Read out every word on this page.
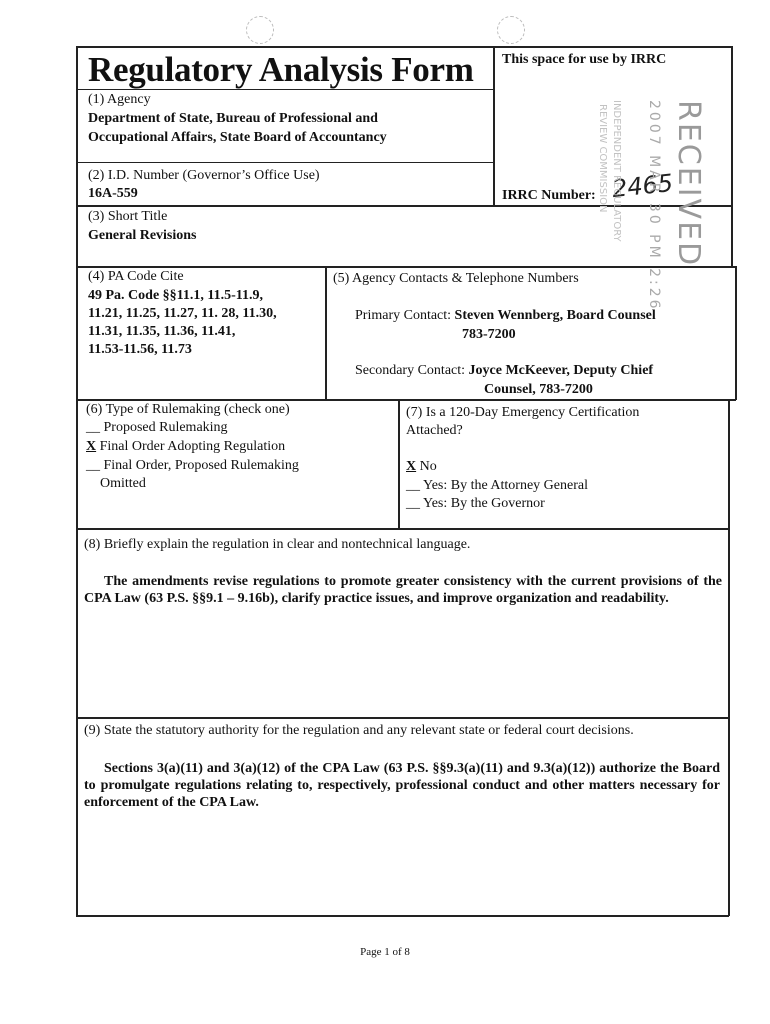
Regulatory Analysis Form This space for use by IRRC
(1) Agency
Department of State, Bureau of Professional and
Occupational Affairs, State Board of Accountancy
(2) I.D. Number (Governor’s Office Use)
16A-559	IRRC Number: 2465
RECEIVED
2007 MAR 30 PM 2:26
INDEPENDENT REGULATORY
REVIEW COMMISSION
(3) Short Title
General Revisions
(4) PA Code Cite
49 Pa. Code §§11.1, 11.5-11.9,
11.21, 11.25, 11.27, 11. 28, 11.30,
11.31, 11.35, 11.36, 11.41,
11.53-11.56, 11.73
(5) Agency Contacts & Telephone Numbers
Primary Contact: Steven Wennberg, Board Counsel
783-7200
Secondary Contact: Joyce McKeever, Deputy Chief
Counsel, 783-7200
(6) Type of Rulemaking (check one)
__ Proposed Rulemaking
X Final Order Adopting Regulation
__ Final Order, Proposed Rulemaking
Omitted
(7) Is a 120-Day Emergency Certification
Attached?
X No
__ Yes: By the Attorney General
__ Yes: By the Governor
(8) Briefly explain the regulation in clear and nontechnical language.
The amendments revise regulations to promote greater consistency with the current provisions of the CPA Law (63 P.S. §§9.1 – 9.16b), clarify practice issues, and improve organization and readability.
(9) State the statutory authority for the regulation and any relevant state or federal court decisions.
Sections 3(a)(11) and 3(a)(12) of the CPA Law (63 P.S. §§9.3(a)(11) and 9.3(a)(12)) authorize the Board to promulgate regulations relating to, respectively, professional conduct and other matters necessary for enforcement of the CPA Law.
Page 1 of 8
